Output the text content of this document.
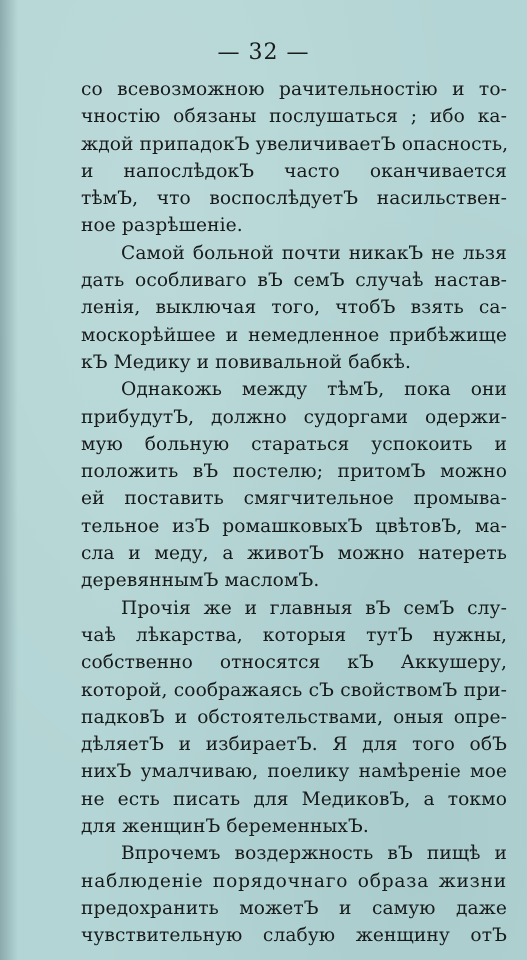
— 32 —
со всевозможною рачительностію и то-
чностію обязаны послушаться ; ибо ка-
ждой припадокЪ увеличиваетЪ опасность,
и напослѣдокЪ часто оканчивается
тѣмЪ, что воспослѣдуетЪ насильствен-
ное разрѣшеніе.
Самой больной почти никакЪ не льзя
дать особливаго вЪ семЪ случаѣ настав-
ленія, выключая того, чтобЪ взять са-
москорѣйшее и немедленное прибѣжище
кЪ Медику и повивальной бабкѣ.
Однакожь между тѣмЪ, пока они
прибудутЪ, должно судоргами одержи-
мую больную стараться успокоить и
положить вЪ постелю; притомЪ можно
ей поставить смягчительное промыва-
тельное изЪ ромашковыхЪ цвѣтовЪ, ма-
сла и меду, а животЪ можно натереть
деревяннымЪ масломЪ.
Прочія же и главныя вЪ семЪ слу-
чаѣ лѣкарства, которыя тутЪ нужны,
собственно относятся кЪ Аккушеру,
которой, соображаясь сЪ свойствомЪ при-
падковЪ и обстоятельствами, оныя опре-
дѣляетЪ и избираетЪ. Я для того обЪ
нихЪ умалчиваю, поелику намѣреніе мое
не есть писать для МедиковЪ, а токмо
для женщинЪ беременныхЪ.
Впрочемъ воздержность вЪ пищѣ и
наблюденіе порядочнаго образа жизни
предохранить можетЪ и самую даже
чувствительную слабую женщину отЪ
